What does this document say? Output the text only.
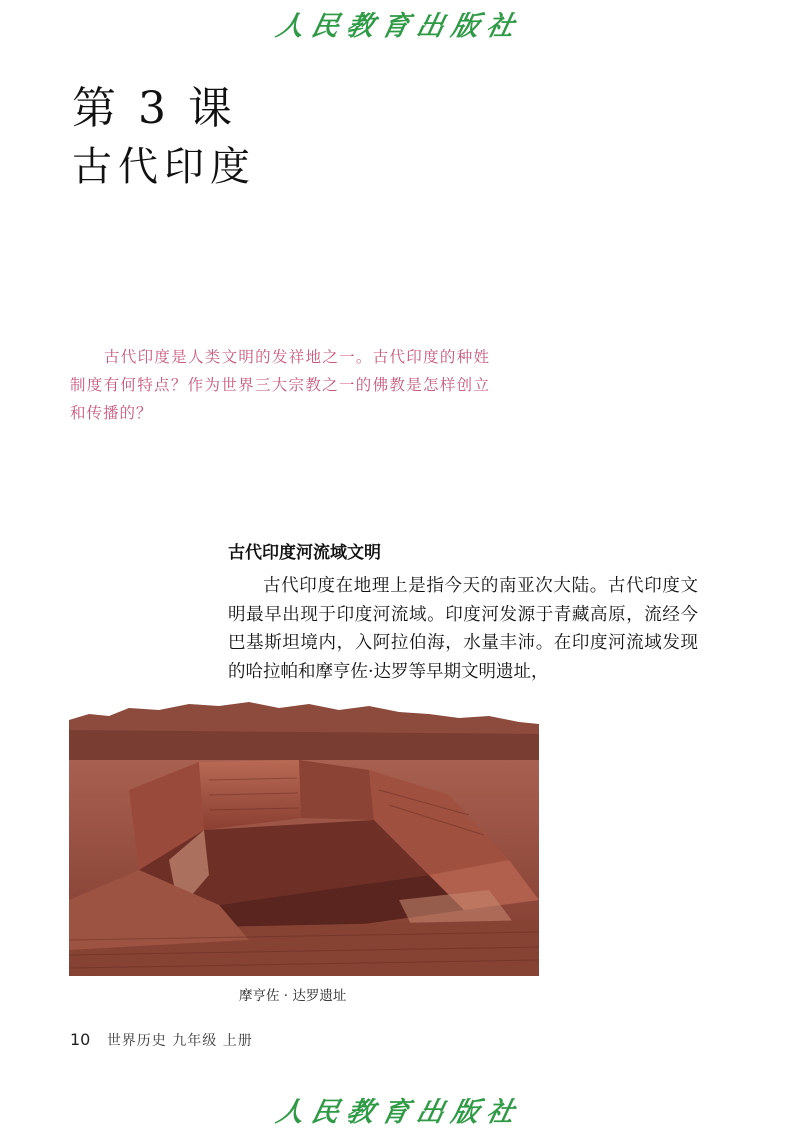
人民教育出版社
第 3 课
古代印度
古代印度是人类文明的发祥地之一。古代印度的种姓制度有何特点？作为世界三大宗教之一的佛教是怎样创立和传播的？
古代印度河流域文明
古代印度在地理上是指今天的南亚次大陆。古代印度文明最早出现于印度河流域。印度河发源于青藏高原，流经今巴基斯坦境内，入阿拉伯海，水量丰沛。在印度河流域发现的哈拉帕和摩亨佐·达罗等早期文明遗址，
摩亨佐 · 达罗遗址
10 世界历史 九年级 上册
人民教育出版社
